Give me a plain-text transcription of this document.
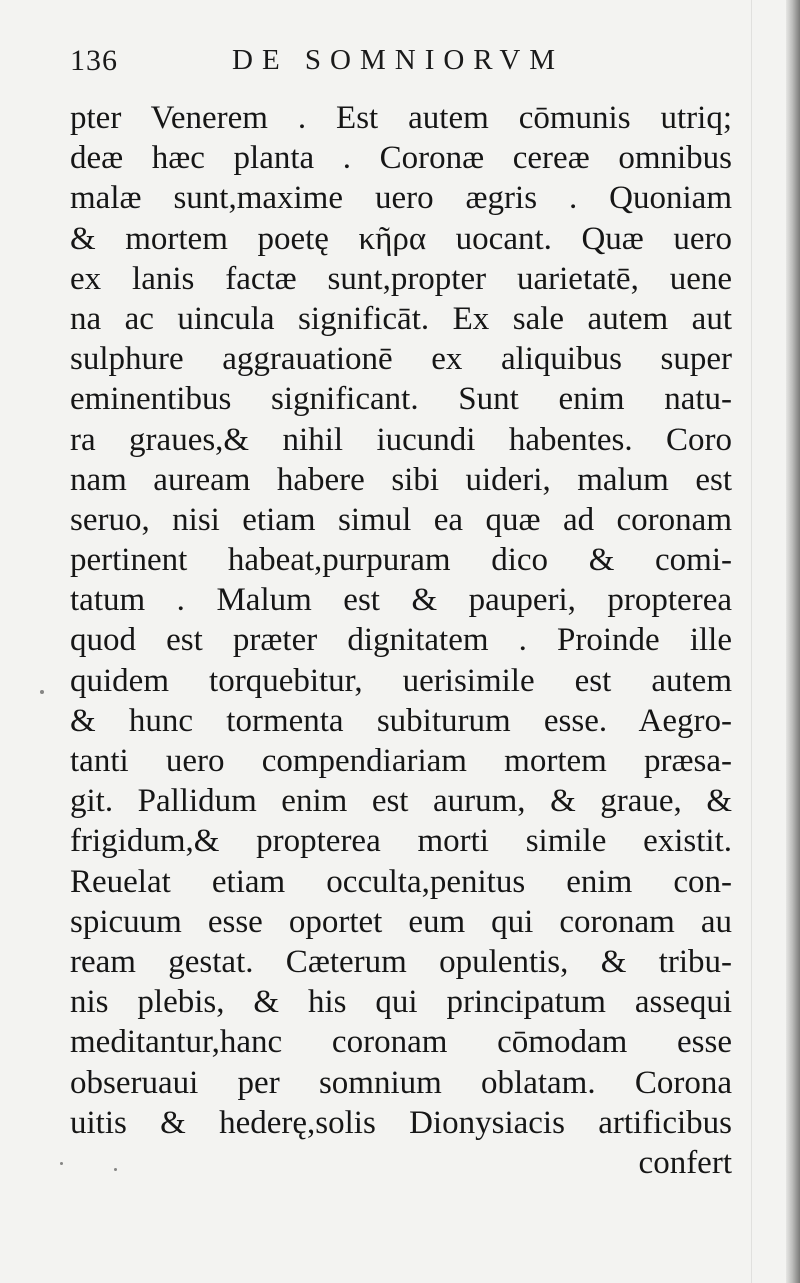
136	DE SOMNIORVM
pter Venerem . Est autem cōmunis utriq;
deæ hæc planta . Coronæ cereæ omnibus
malæ sunt,maxime uero ægris . Quoniam
& mortem poetę κῆρα uocant. Quæ uero
ex lanis factæ sunt,propter uarietatē, uene
na ac uincula significāt. Ex sale autem aut
sulphure aggrauationē ex aliquibus super
eminentibus significant. Sunt enim natu-
ra graues,& nihil iucundi habentes. Coro
nam auream habere sibi uideri, malum est
seruo, nisi etiam simul ea quæ ad coronam
pertinent habeat,purpuram dico & comi-
tatum . Malum est & pauperi, propterea
quod est præter dignitatem . Proinde ille
quidem torquebitur, uerisimile est autem
& hunc tormenta subiturum esse. Aegro-
tanti uero compendiariam mortem præsa-
git. Pallidum enim est aurum, & graue, &
frigidum,& propterea morti simile existit.
Reuelat etiam occulta,penitus enim con-
spicuum esse oportet eum qui coronam au
ream gestat. Cæterum opulentis, & tribu-
nis plebis, & his qui principatum assequi
meditantur,hanc coronam cōmodam esse
obseruaui per somnium oblatam. Corona
uitis & hederę,solis Dionysiacis artificibus
confert
